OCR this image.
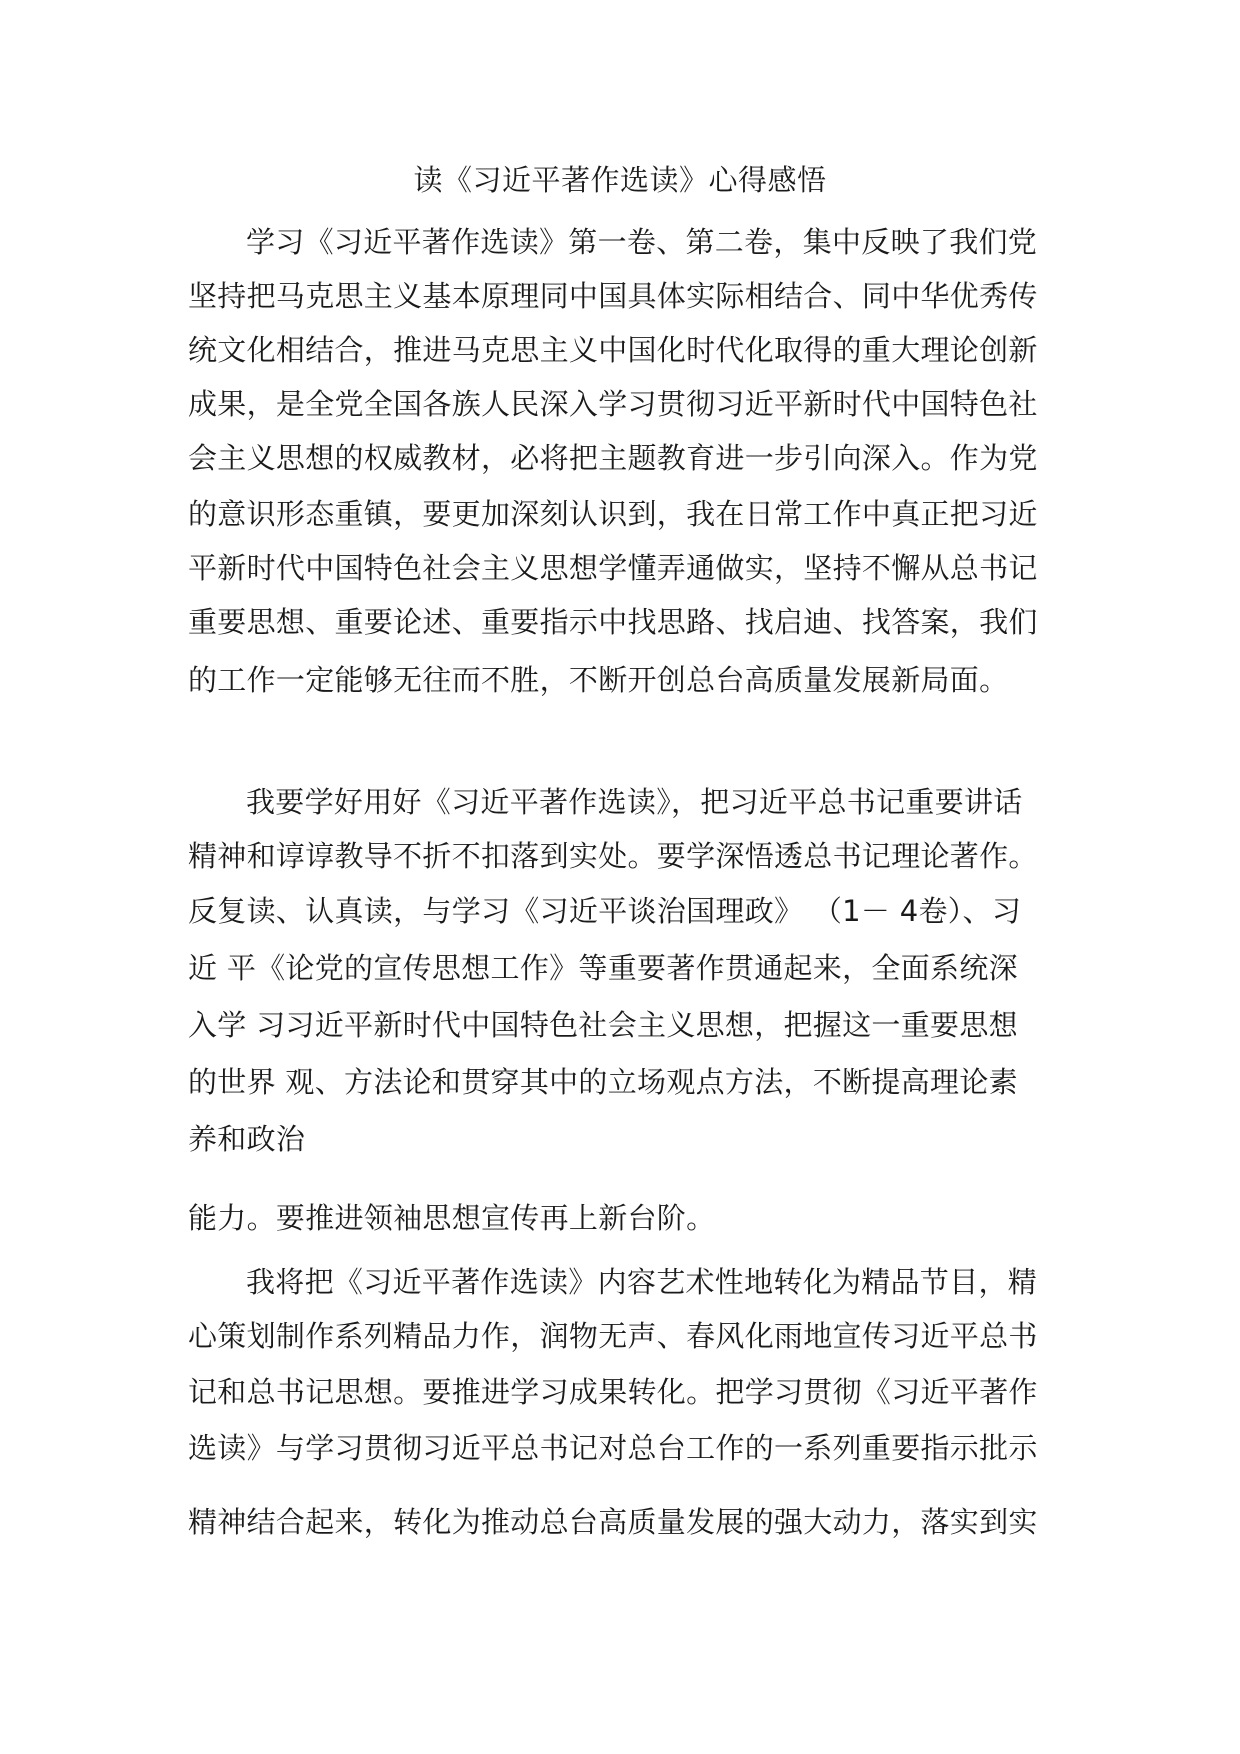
读《习近平著作选读》心得感悟
学习《习近平著作选读》第一卷、第二卷，集中反映了我们党
坚持把马克思主义基本原理同中国具体实际相结合、同中华优秀传
统文化相结合，推进马克思主义中国化时代化取得的重大理论创新
成果，是全党全国各族人民深入学习贯彻习近平新时代中国特色社
会主义思想的权威教材，必将把主题教育进一步引向深入。作为党
的意识形态重镇，要更加深刻认识到，我在日常工作中真正把习近
平新时代中国特色社会主义思想学懂弄通做实，坚持不懈从总书记
重要思想、重要论述、重要指示中找思路、找启迪、找答案，我们
的工作一定能够无往而不胜，不断开创总台高质量发展新局面。
我要学好用好《习近平著作选读》，把习近平总书记重要讲话
精神和谆谆教导不折不扣落到实处。要学深悟透总书记理论著作。
反复读、认真读，与学习《习近平谈治国理政》 （1－ 4卷）、习
近 平《论党的宣传思想工作》等重要著作贯通起来，全面系统深
入学 习习近平新时代中国特色社会主义思想，把握这一重要思想
的世界 观、方法论和贯穿其中的立场观点方法，不断提高理论素
养和政治
能力。要推进领袖思想宣传再上新台阶。
我将把《习近平著作选读》内容艺术性地转化为精品节目，精
心策划制作系列精品力作，润物无声、春风化雨地宣传习近平总书
记和总书记思想。要推进学习成果转化。把学习贯彻《习近平著作
选读》与学习贯彻习近平总书记对总台工作的一系列重要指示批示
精神结合起来，转化为推动总台高质量发展的强大动力，落实到实
